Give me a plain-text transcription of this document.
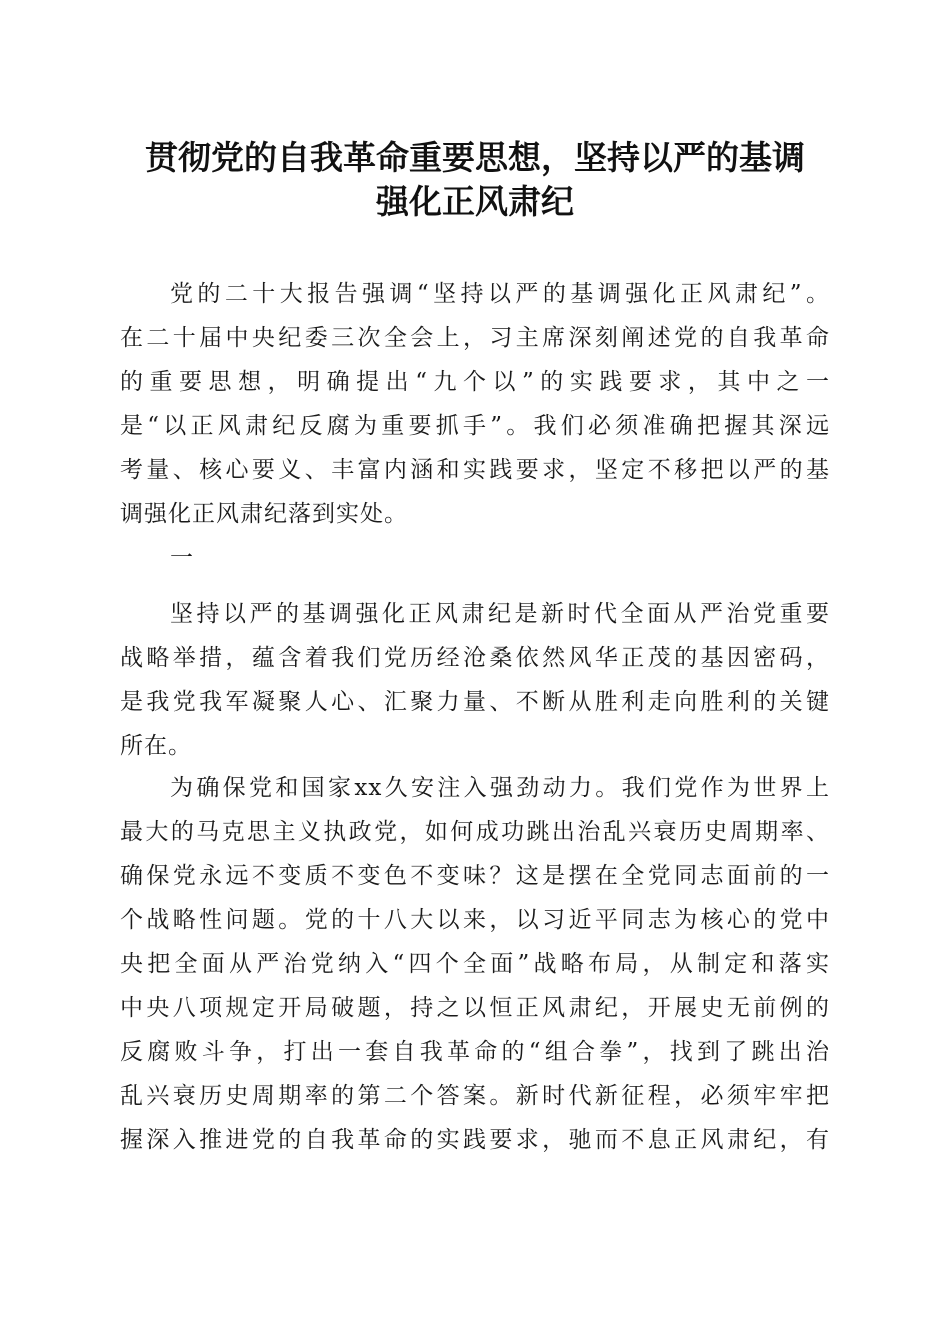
贯彻党的自我革命重要思想，坚持以严的基调
强化正风肃纪
党的二十大报告强调“坚持以严的基调强化正风肃纪”。
在二十届中央纪委三次全会上，习主席深刻阐述党的自我革命
的重要思想，明确提出“九个以”的实践要求，其中之一
是“以正风肃纪反腐为重要抓手”。我们必须准确把握其深远
考量、核心要义、丰富内涵和实践要求，坚定不移把以严的基
调强化正风肃纪落到实处。
一
坚持以严的基调强化正风肃纪是新时代全面从严治党重要
战略举措，蕴含着我们党历经沧桑依然风华正茂的基因密码，
是我党我军凝聚人心、汇聚力量、不断从胜利走向胜利的关键
所在。
为确保党和国家xx久安注入强劲动力。我们党作为世界上
最大的马克思主义执政党，如何成功跳出治乱兴衰历史周期率、
确保党永远不变质不变色不变味？这是摆在全党同志面前的一
个战略性问题。党的十八大以来，以习近平同志为核心的党中
央把全面从严治党纳入“四个全面”战略布局，从制定和落实
中央八项规定开局破题，持之以恒正风肃纪，开展史无前例的
反腐败斗争，打出一套自我革命的“组合拳”，找到了跳出治
乱兴衰历史周期率的第二个答案。新时代新征程，必须牢牢把
握深入推进党的自我革命的实践要求，驰而不息正风肃纪，有
